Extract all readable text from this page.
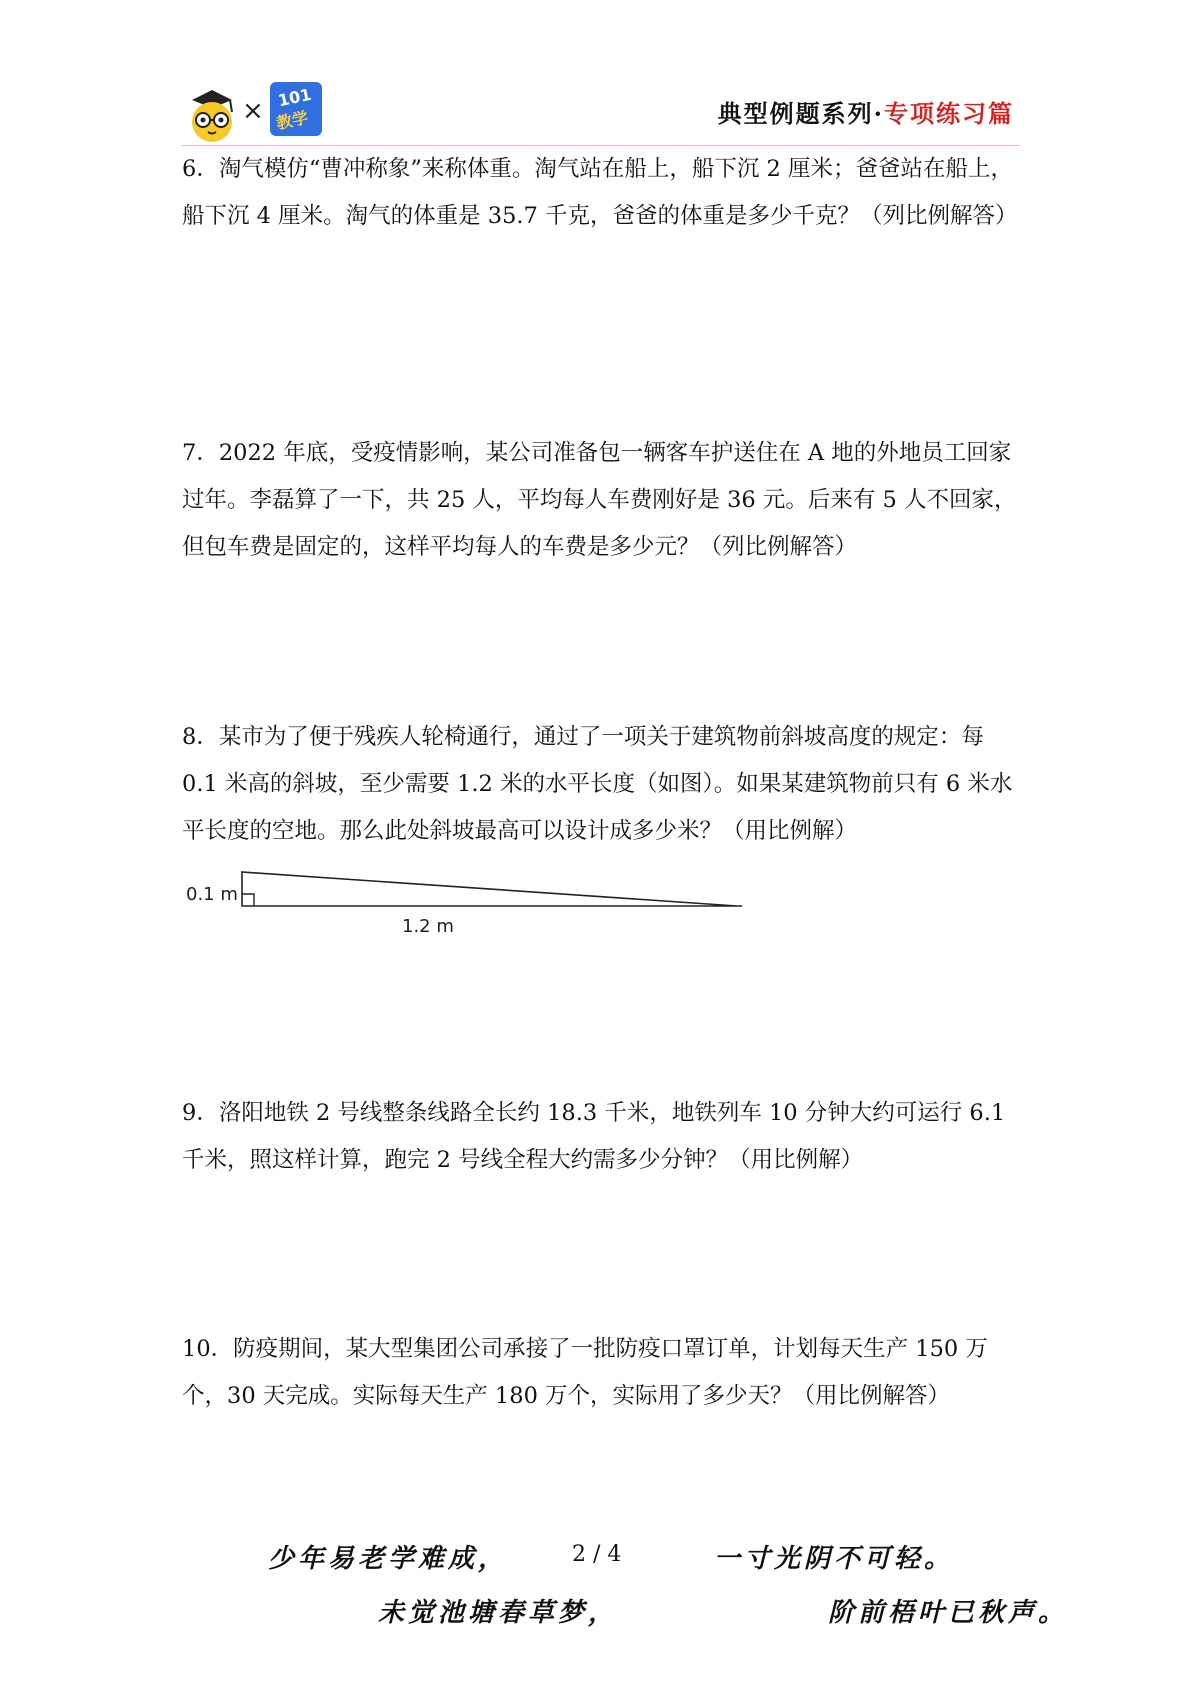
× 101
教学	典型例题系列·专项练习篇

6．淘气模仿“曹冲称象”来称体重。淘气站在船上，船下沉 2 厘米；爸爸站在船上，船下沉 4 厘米。淘气的体重是 35.7 千克，爸爸的体重是多少千克？（列比例解答）

7．2022 年底，受疫情影响，某公司准备包一辆客车护送住在 A 地的外地员工回家过年。李磊算了一下，共 25 人，平均每人车费刚好是 36 元。后来有 5 人不回家，但包车费是固定的，这样平均每人的车费是多少元？（列比例解答）

8．某市为了便于残疾人轮椅通行，通过了一项关于建筑物前斜坡高度的规定：每 0.1 米高的斜坡，至少需要 1.2 米的水平长度（如图）。如果某建筑物前只有 6 米水平长度的空地。那么此处斜坡最高可以设计成多少米？（用比例解）

0.1 m
1.2 m

9．洛阳地铁 2 号线整条线路全长约 18.3 千米，地铁列车 10 分钟大约可运行 6.1 千米，照这样计算，跑完 2 号线全程大约需多少分钟？（用比例解）

10．防疫期间，某大型集团公司承接了一批防疫口罩订单，计划每天生产 150 万个，30 天完成。实际每天生产 180 万个，实际用了多少天？（用比例解答）

少年易老学难成，	2 / 4	一寸光阴不可轻。
未觉池塘春草梦，	阶前梧叶已秋声。
